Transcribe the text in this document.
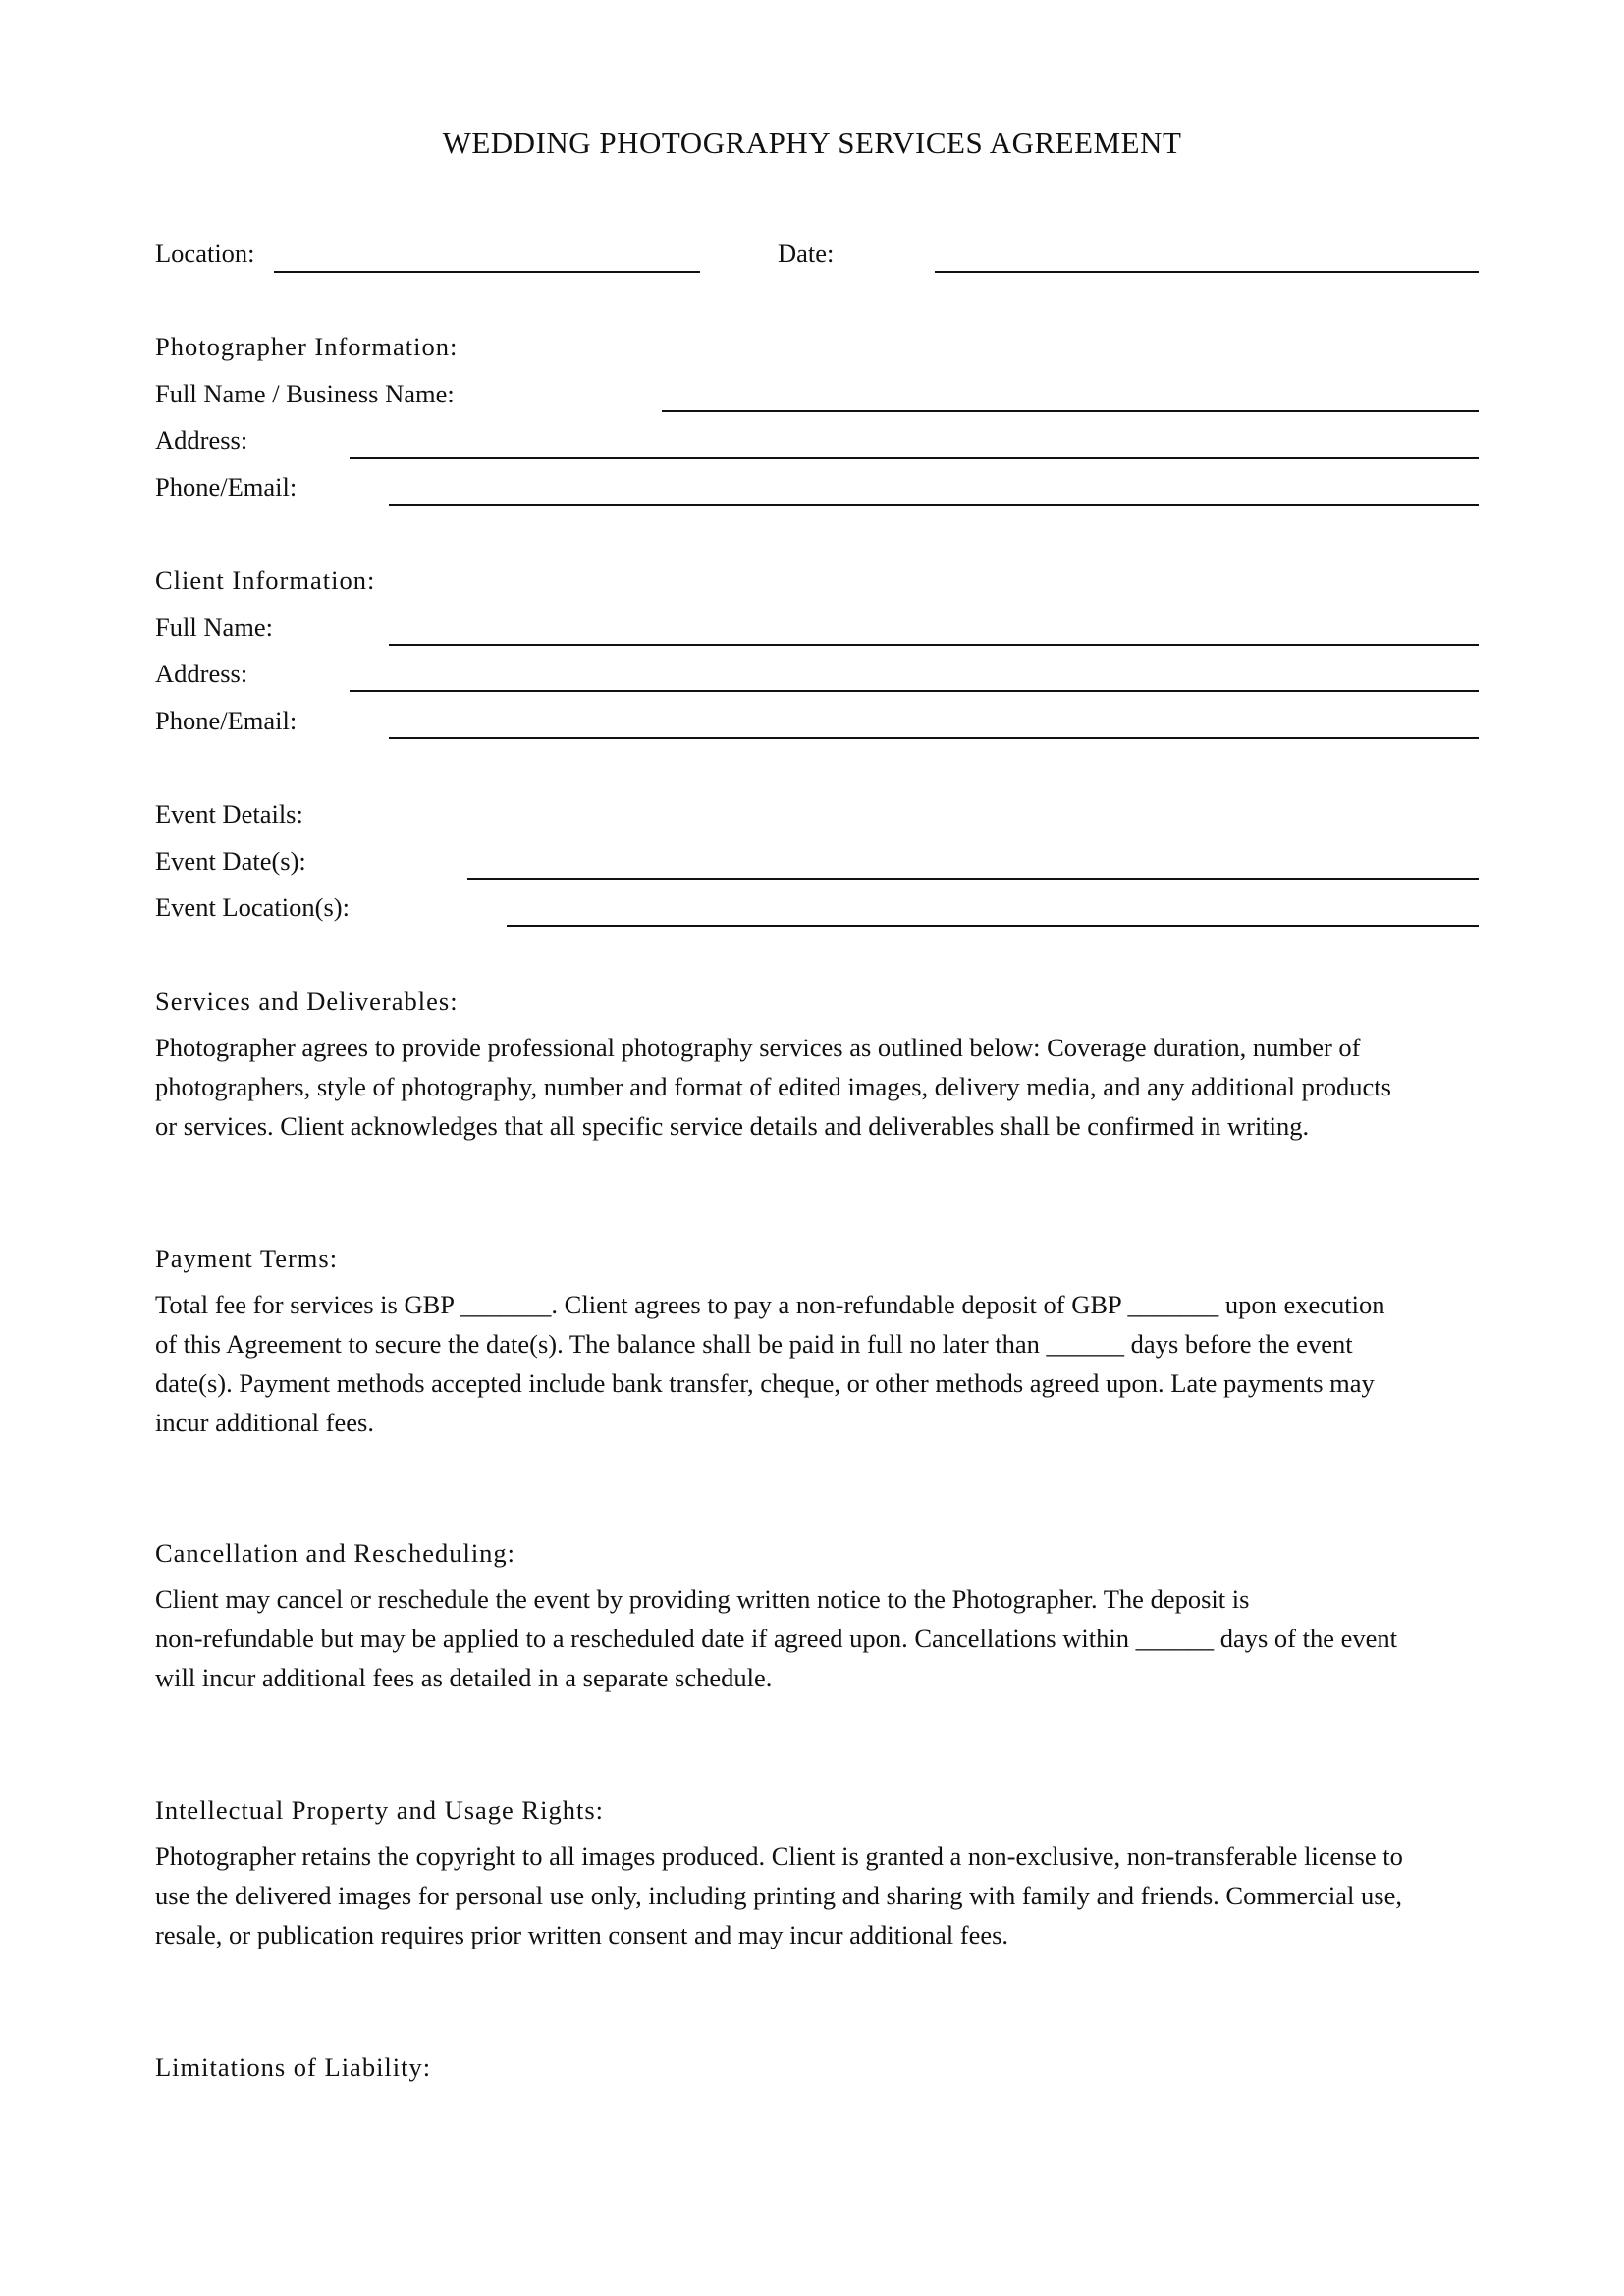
WEDDING PHOTOGRAPHY SERVICES AGREEMENT
Location:	Date:
Photographer Information:
Full Name / Business Name:
Address:
Phone/Email:
Client Information:
Full Name:
Address:
Phone/Email:
Event Details:
Event Date(s):
Event Location(s):
Services and Deliverables:

Photographer agrees to provide professional photography services as outlined below: Coverage duration, number of

photographers, style of photography, number and format of edited images, delivery media, and any additional products

or services. Client acknowledges that all specific service details and deliverables shall be confirmed in writing.

Payment Terms:

Total fee for services is GBP _______. Client agrees to pay a non-refundable deposit of GBP _______ upon execution

of this Agreement to secure the date(s). The balance shall be paid in full no later than ______ days before the event

date(s). Payment methods accepted include bank transfer, cheque, or other methods agreed upon. Late payments may

incur additional fees.

Cancellation and Rescheduling:

Client may cancel or reschedule the event by providing written notice to the Photographer. The deposit is

non-refundable but may be applied to a rescheduled date if agreed upon. Cancellations within ______ days of the event

will incur additional fees as detailed in a separate schedule.

Intellectual Property and Usage Rights:

Photographer retains the copyright to all images produced. Client is granted a non-exclusive, non-transferable license to

use the delivered images for personal use only, including printing and sharing with family and friends. Commercial use,

resale, or publication requires prior written consent and may incur additional fees.

Limitations of Liability:
